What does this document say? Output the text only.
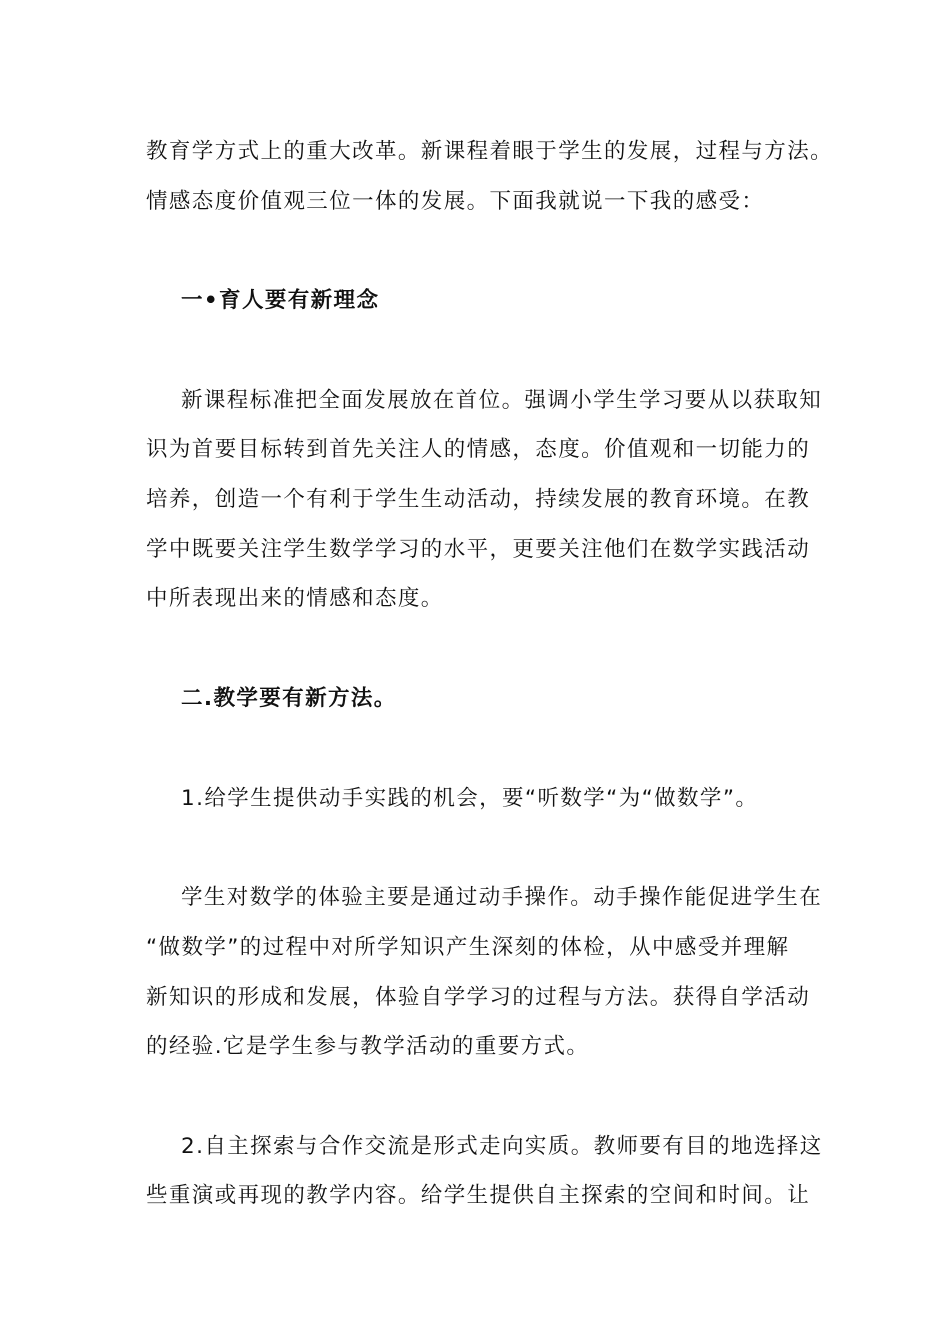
教育学方式上的重大改革。新课程着眼于学生的发展，过程与方法。
情感态度价值观三位一体的发展。下面我就说一下我的感受：
一•育人要有新理念
新课程标准把全面发展放在首位。强调小学生学习要从以获取知
识为首要目标转到首先关注人的情感，态度。价值观和一切能力的
培养，创造一个有利于学生生动活动，持续发展的教育环境。在教
学中既要关注学生数学学习的水平，更要关注他们在数学实践活动
中所表现出来的情感和态度。
二.教学要有新方法。
1.给学生提供动手实践的机会，要“听数学“为“做数学”。
学生对数学的体验主要是通过动手操作。动手操作能促进学生在
“做数学”的过程中对所学知识产生深刻的体检，从中感受并理解
新知识的形成和发展，体验自学学习的过程与方法。获得自学活动
的经验.它是学生参与教学活动的重要方式。
2.自主探索与合作交流是形式走向实质。教师要有目的地选择这
些重演或再现的教学内容。给学生提供自主探索的空间和时间。让
